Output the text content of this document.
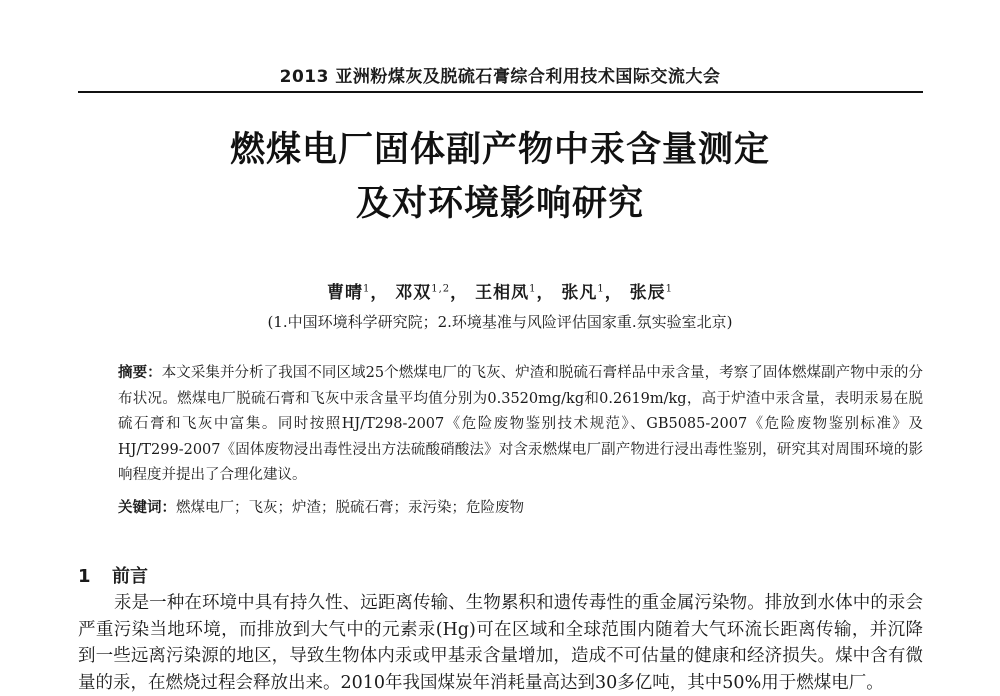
2013 亚洲粉煤灰及脱硫石膏综合利用技术国际交流大会
燃煤电厂固体副产物中汞含量测定
及对环境影响研究
曹晴$^1$， 邓双$^{1,2}$， 王相凤$^1$， 张凡$^1$， 张辰$^1$
(1.中国环境科学研究院；2.环境基准与风险评估国家重.氛实验室北京)
摘要：本文采集并分析了我国不同区域25个燃煤电厂的飞灰、炉渣和脱硫石膏样品中汞含量，考察了固体燃煤副产物中汞的分布状况。燃煤电厂脱硫石膏和飞灰中汞含量平均值分别为0.3520mg/kg和0.2619m/kg，高于炉渣中汞含量，表明汞易在脱硫石膏和飞灰中富集。同时按照HJ/T298-2007《危险废物鉴别技术规范》、GB5085-2007《危险废物鉴别标准》及HJ/T299-2007《固体废物浸出毒性浸出方法硫酸硝酸法》对含汞燃煤电厂副产物进行浸出毒性鉴别，研究其对周围环境的影响程度并提出了合理化建议。
关键词：燃煤电厂；飞灰；炉渣；脱硫石膏；汞污染；危险废物
1 前言
汞是一种在环境中具有持久性、远距离传输、生物累积和遗传毒性的重金属污染物。排放到水体中的汞会严重污染当地环境，而排放到大气中的元素汞(Hg)可在区域和全球范围内随着大气环流长距离传输，并沉降到一些远离污染源的地区，导致生物体内汞或甲基汞含量增加，造成不可估量的健康和经济损失。煤中含有微量的汞，在燃烧过程会释放出来。2010年我国煤炭年消耗量高达到30多亿吨，其中50%用于燃煤电厂。
